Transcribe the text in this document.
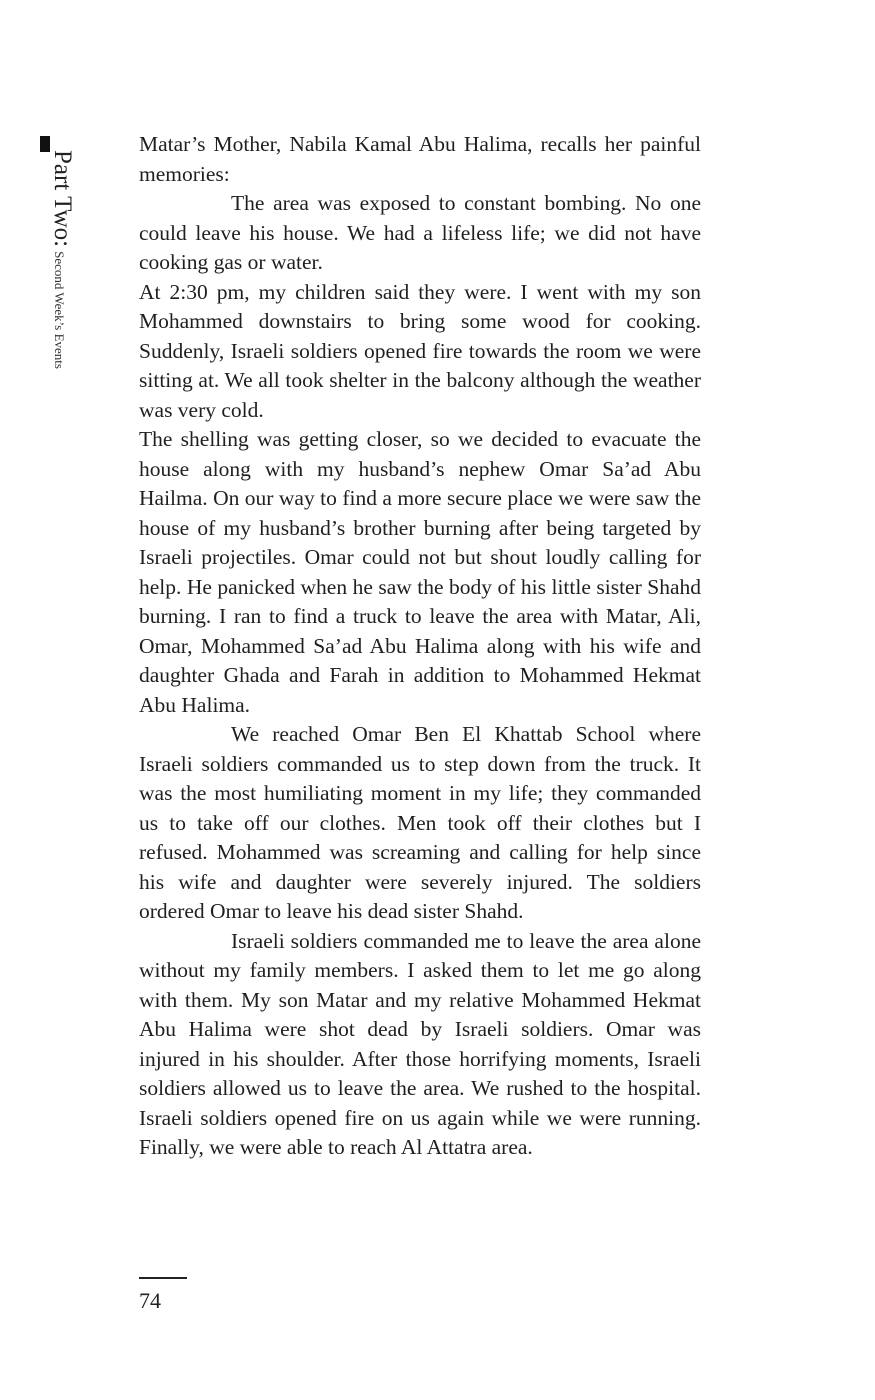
Part Two
:
Second Week’s Events

Matar’s Mother, Nabila Kamal Abu Halima, recalls her painful memories:

The area was exposed to constant bombing. No one could leave his house. We had a lifeless life; we did not have cooking gas or water.

At 2:30 pm, my children said they were. I went with my son Mohammed downstairs to bring some wood for cooking. Suddenly, Israeli soldiers opened fire towards the room we were sitting at. We all took shelter in the balcony although the weather was very cold.

The shelling was getting closer, so we decided to evacuate the house along with my husband’s nephew Omar Sa’ad Abu Hailma. On our way to find a more secure place we were saw the house of my husband’s brother burning after being targeted by Israeli projectiles. Omar could not but shout loudly calling for help. He panicked when he saw the body of his little sister Shahd burning. I ran to find a truck to leave the area with Matar, Ali, Omar, Mohammed Sa’ad Abu Halima along with his wife and daughter Ghada and Farah in addition to Mohammed Hekmat Abu Halima.

We reached Omar Ben El Khattab School where Israeli soldiers commanded us to step down from the truck. It was the most humiliating moment in my life; they commanded us to take off our clothes. Men took off their clothes but I refused. Mohammed was screaming and calling for help since his wife and daughter were severely injured. The soldiers ordered Omar to leave his dead sister Shahd.

Israeli soldiers commanded me to leave the area alone without my family members. I asked them to let me go along with them. My son Matar and my relative Mohammed Hekmat Abu Halima were shot dead by Israeli soldiers. Omar was injured in his shoulder. After those horrifying moments, Israeli soldiers allowed us to leave the area. We rushed to the hospital. Israeli soldiers opened fire on us again while we were running. Finally, we were able to reach Al Attatra area.

74
